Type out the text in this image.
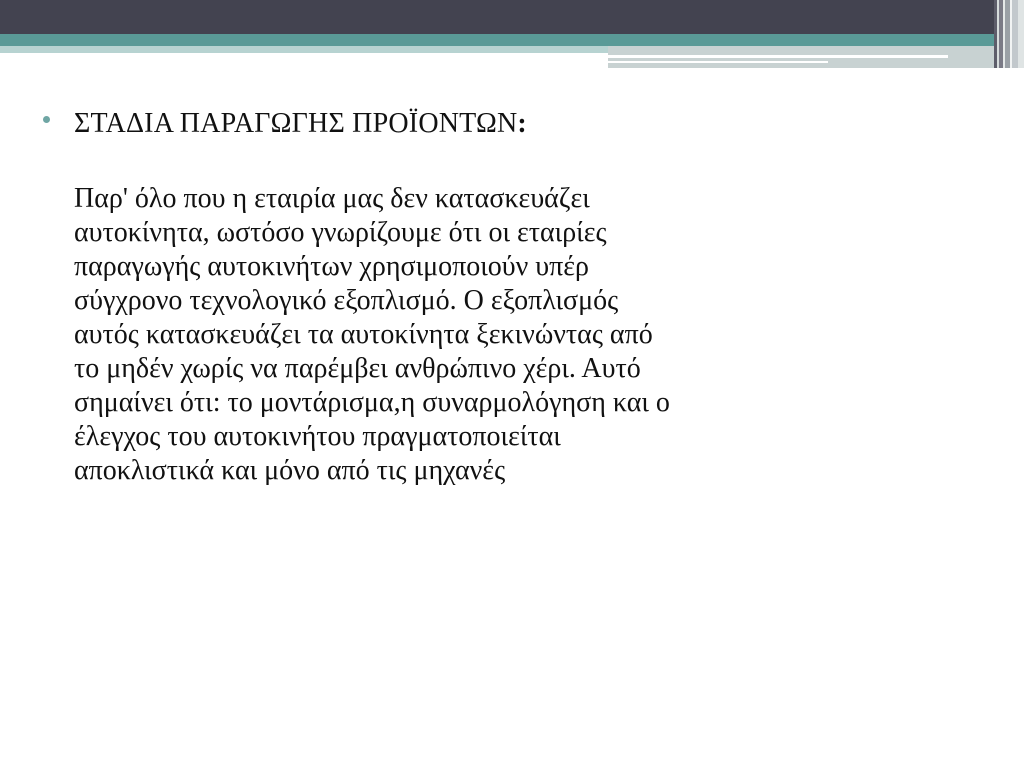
ΣΤΑΔΙΑ ΠΑΡΑΓΩΓΗΣ ΠΡΟΪΟΝΤΩΝ:
Παρ' όλο που η εταιρία μας δεν κατασκευάζει
αυτοκίνητα, ωστόσο γνωρίζουμε ότι οι εταιρίες
παραγωγής αυτοκινήτων χρησιμοποιούν υπέρ
σύγχρονο τεχνολογικό εξοπλισμό. Ο εξοπλισμός
αυτός κατασκευάζει τα αυτοκίνητα ξεκινώντας από
το μηδέν χωρίς να παρέμβει ανθρώπινο χέρι. Αυτό
σημαίνει ότι: το μοντάρισμα,η συναρμολόγηση και ο
έλεγχος του αυτοκινήτου πραγματοποιείται
αποκλιστικά και μόνο από τις μηχανές
